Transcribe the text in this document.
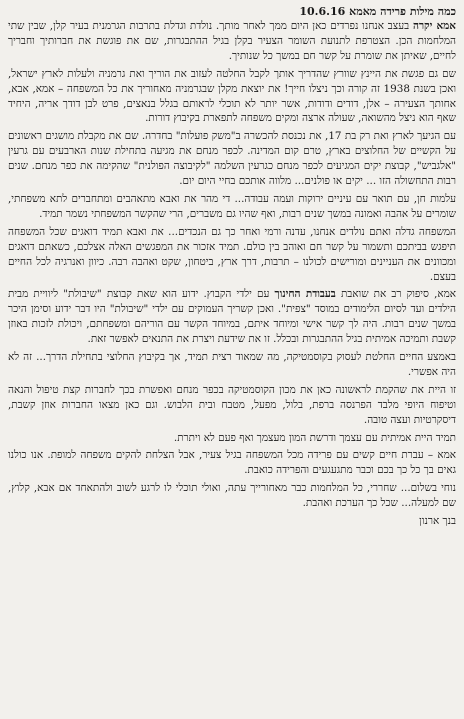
כמה מילות פרידה מאמא 10.6.16

אמא יקרה בעצב אנחנו נפרדים כאן היום ממך לאחר מותך. נולדת וגדלת בתרבות הגרמנית בעיר קלן, שבין שתי המלחמות הכן. הצטרפת לתנועת השומר הצעיר בקלן בגיל ההתבגרות, שם את פוגשת את חברותיך וחבריך לחיים, שאיתן את שומרת על קשר חם במשך כל שנותיך.

שם גם פגשת את היינץ שוורץ שהדריך אותך לקבל החלטה לעזוב את הוריך ואת גרמניה ולעלות לארץ ישראל, ואכן בשנת 1938 זה קורה וכך ניצלו חייך! את יוצאת מקלן שבגרמניה מאחוריך את כל המשפחה – אמא, אבא, אחותך הצעירה – אלן, דודים ודודות, אשר יותר לא תוכלי לראותם בגלל בנאצים, פרט לבן דודך אריה, היחיד שאף הוא ניצל מהשואה, שעולה ארצה ומקים משפחה לתפארת בקיבוץ דורות.

עם הגיעך לארץ ואת רק בת 17, את נכנסת להכשרה ב"משק פועלות" בחדרה. שם את מקבלת מושגים ראשונים על הקשיים של החלוצים בארץ, טרם קום המדינה. לכפר מנחם את מגיעה בתחילת שנות הארבעים עם גרעין "אלגביש", קבוצת יקים המגיעים לכפר מנחם כגרעין השלמה "לקיבוצה הפולנית" שהקימה את כפר מנחם. שנים רבות התחשולה הזו ... יקים או פולנים... מלווה אותכם בחיי היום יום.

עלמות חן, עם תואר עם עיניים ירוקות ועמה עבודה... די מהר את ואבא מתאהבים ומתחברים לתא משפחתי, שומרים על אהבה ואמונה במשך שנים רבות, ואף שהיו גם משברים, הרי שהקשר המשפחתי נשמר תמיד.

המשפחה גדלה ואתם נולדים אנחנו, עדנה ורמי ואחר כך גם הנכדים... את ואבא תמיד דואגים שכל המשפחה תיפגש בביתכם ותשמור על קשר חם ואוהב בין כולם. תמיד אזכור את המפגשים האלה אצלכם, כשאתם דואגים ומכוונים את העניינים ומורישים לכולנו – תרבות, דרך ארץ, ביטחון, שקט ואהבה רבה. כיוון ואנרגיה לכל החיים בעצם.

אמא, סיפוק רב את שואבת בעבודת החינוך עם ילדי הקבוץ. ידוע הוא שאת קבוצת "שיבולת" ליוויית מבית הילדים ועד לסיום הלימודים במוסד "צפית". ואכן קשריך העמוקים עם ילדי "שיבולת" היו דבר ידוע וסימן היכר במשך שנים רבות. היה לך קשר אישי ומיוחד איתם, במיוחד הקשר עם הוריהם ומשפחתם, ויכולת לזכות באוזן קשבת ותמיכה אמיתית בגיל ההתבגרות ובכלל. זו את שידעת ויצרת את התנאים לאפשר זאת.

באמצע החיים החלטת לעסוק בקוסמטיקה, מה שמאוד רצית תמיד, אך בקיבוץ החלוצי בתחילת הדרך... זה לא היה אפשרי.

זו היית את שהקמת לראשונה כאן את מכון הקוסמטיקה בכפר מנחם ואפשרת בכך לחברות קצת טיפול והנאה וטיפוח היופי מלבד הפרנסה ברפת, בלול, מפעל, מטבח ובית הלבוש. וגם כאן מצאו החברות אוזן קשבת, דיסקרטיות ועצה טובה.

תמיד היית אמיתית עם עצמך ודרשת המון מעצמך ואף פעם לא ויתרת.

אמא – עברת חיים קשים עם פרידה מכל המשפחה בגיל צעיר, אבל הצלחת להקים משפחה למופת. אנו כולנו גאים בך כל כך בכם וכבר מתגעגעים והפרידה כואבת.

נוחי בשלום... שחררי, כל המלחמות כבר מאחורייך עתה, ואולי תוכלי לו לרגע לשוב ולהתאחד אם אבא, קלוץ, שם למעלה... שכל כך הערכת ואהבת.

בנך ארנון
